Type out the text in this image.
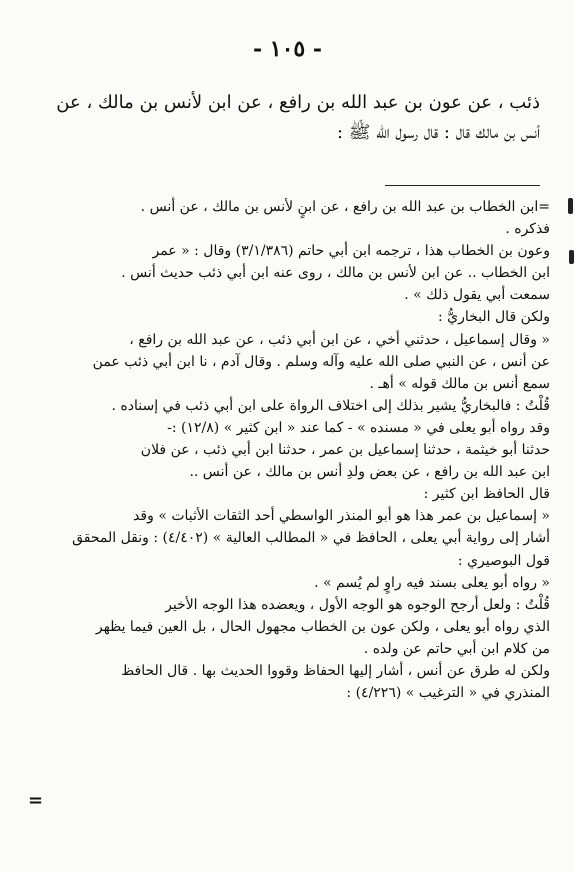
- ١٠٥ -

ذئب ، عن عون بن عبد الله بن رافع ، عن ابن لأنس بن مالك ، عن

أنس بن مالك قال : قال رسول الله ﷺ :

=ابن الخطاب بن عبد الله بن رافع ، عن ابنٍ لأنس بن مالك ، عن أنس .

فذكره .

وعون بن الخطاب هذا ، ترجمه ابن أبي حاتم (٣/١/٣٨٦) وقال : « عمر

ابن الخطاب .. عن ابن لأنس بن مالك ، روى عنه ابن أبي ذئب حديث أنس .

سمعت أبي يقول ذلك » .

ولكن قال البخاريُّ :

« وقال إسماعيل ، حدثني أخي ، عن ابن أبي ذئب ، عن عبد الله بن رافع ،

عن أنس ، عن النبي صلى الله عليه وآله وسلم . وقال آدم ، نا ابن أبي ذئب عمن

سمع أنس بن مالك قوله » أهـ .

قُلْتُ : فالبخاريُّ يشير بذلك إلى اختلاف الرواة على ابن أبي ذئب في إسناده .

وقد رواه أبو يعلى في « مسنده » - كما عند « ابن كثير » (١٢/٨) :-

حدثنا أبو خيثمة ، حدثنا إسماعيل بن عمر ، حدثنا ابن أبي ذئب ، عن فلان

ابن عبد الله بن رافع ، عن بعض ولدِ أنس بن مالك ، عن أنس ..

قال الحافظ ابن كثير :

« إسماعيل بن عمر هذا هو أبو المنذر الواسطي أحد الثقات الأثبات » وقد

أشار إلى رواية أبي يعلى ، الحافظ في « المطالب العالية » (٤/٤٠٢) : ونقل المحقق

قول البوصيري :

« رواه أبو يعلى بسند فيه راوٍ لم يُسم » .

قُلْتُ : ولعل أرجح الوجوه هو الوجه الأول ، ويعضده هذا الوجه الأخير

الذي رواه أبو يعلى ، ولكن عون بن الخطاب مجهول الحال ، بل العين فيما يظهر

من كلام ابن أبي حاتم عن ولده .

ولكن له طرق عن أنس ، أشار إليها الحفاظ وقووا الحديث بها . قال الحافظ

المنذري في « الترغيب » (٤/٢٢٦) :

=
